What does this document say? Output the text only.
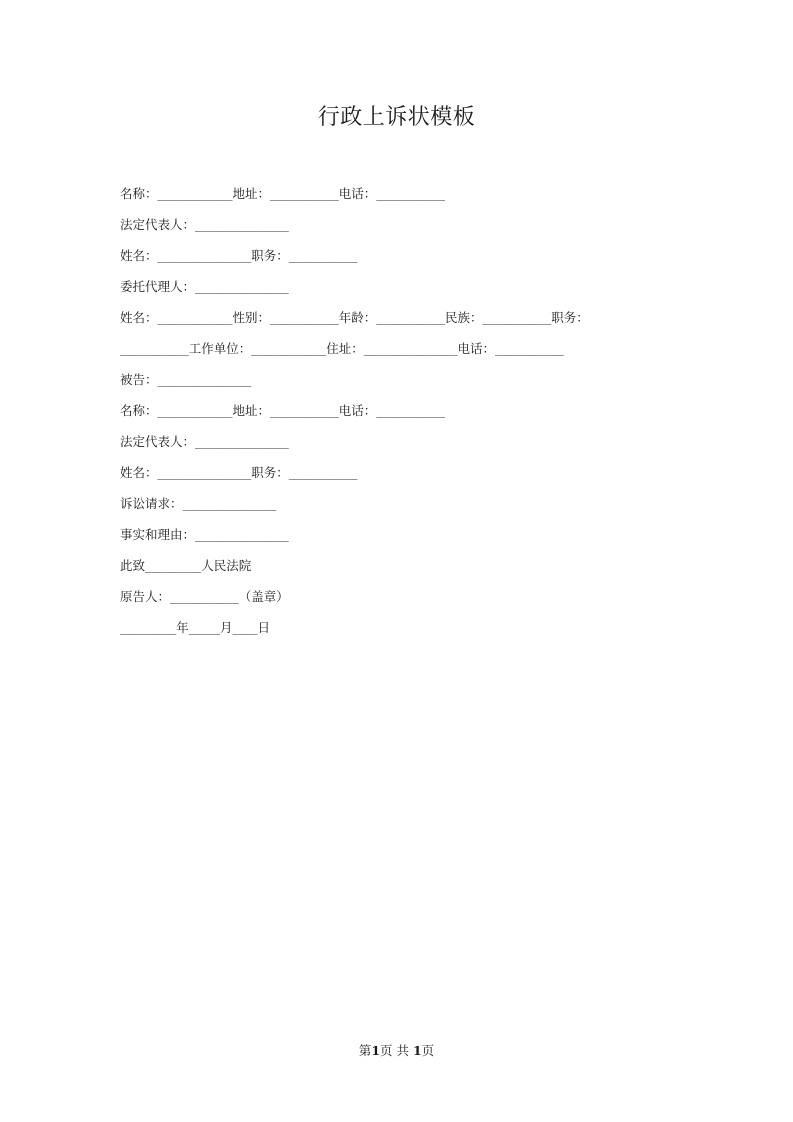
行政上诉状模板
名称：____________地址：___________电话：___________
法定代表人：_______________
姓名：_______________职务：___________
委托代理人：_______________
姓名：____________性别：___________年龄：___________民族：___________职务：
___________工作单位：____________住址：_______________电话：___________
被告：_______________
名称：____________地址：___________电话：___________
法定代表人：_______________
姓名：_______________职务：___________
诉讼请求：_______________
事实和理由：_______________
此致_________人民法院
原告人：___________（盖章）
_________年_____月____日
第1页 共 1页
